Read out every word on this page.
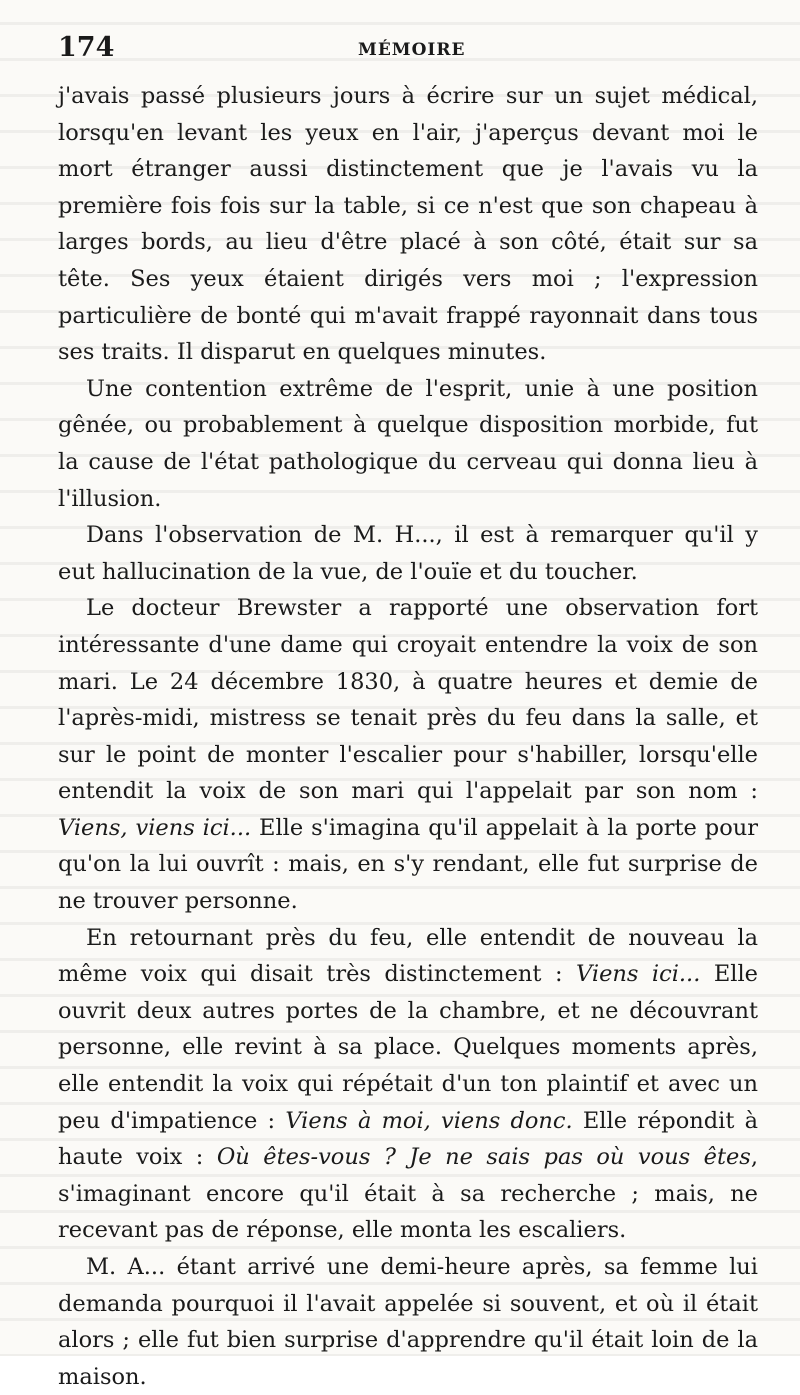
174	MÉMOIRE

j'avais passé plusieurs jours à écrire sur un sujet médical, lorsqu'en levant les yeux en l'air, j'aperçus devant moi le mort étranger aussi distinctement que je l'avais vu la première fois fois sur la table, si ce n'est que son chapeau à larges bords, au lieu d'être placé à son côté, était sur sa tête. Ses yeux étaient dirigés vers moi ; l'expression particulière de bonté qui m'avait frappé rayonnait dans tous ses traits. Il disparut en quelques minutes.

Une contention extrême de l'esprit, unie à une position gênée, ou probablement à quelque disposition morbide, fut la cause de l'état pathologique du cerveau qui donna lieu à l'illusion.

Dans l'observation de M. H..., il est à remarquer qu'il y eut hallucination de la vue, de l'ouïe et du toucher.

Le docteur Brewster a rapporté une observation fort intéressante d'une dame qui croyait entendre la voix de son mari. Le 24 décembre 1830, à quatre heures et demie de l'après-midi, mistress se tenait près du feu dans la salle, et sur le point de monter l'escalier pour s'habiller, lorsqu'elle entendit la voix de son mari qui l'appelait par son nom : Viens, viens ici... Elle s'imagina qu'il appelait à la porte pour qu'on la lui ouvrît : mais, en s'y rendant, elle fut surprise de ne trouver personne.

En retournant près du feu, elle entendit de nouveau la même voix qui disait très distinctement : Viens ici... Elle ouvrit deux autres portes de la chambre, et ne découvrant personne, elle revint à sa place. Quelques moments après, elle entendit la voix qui répétait d'un ton plaintif et avec un peu d'impatience : Viens à moi, viens donc. Elle répondit à haute voix : Où êtes-vous ? Je ne sais pas où vous êtes, s'imaginant encore qu'il était à sa recherche ; mais, ne recevant pas de réponse, elle monta les escaliers.

M. A... étant arrivé une demi-heure après, sa femme lui demanda pourquoi il l'avait appelée si souvent, et où il était alors ; elle fut bien surprise d'apprendre qu'il était loin de la maison.
